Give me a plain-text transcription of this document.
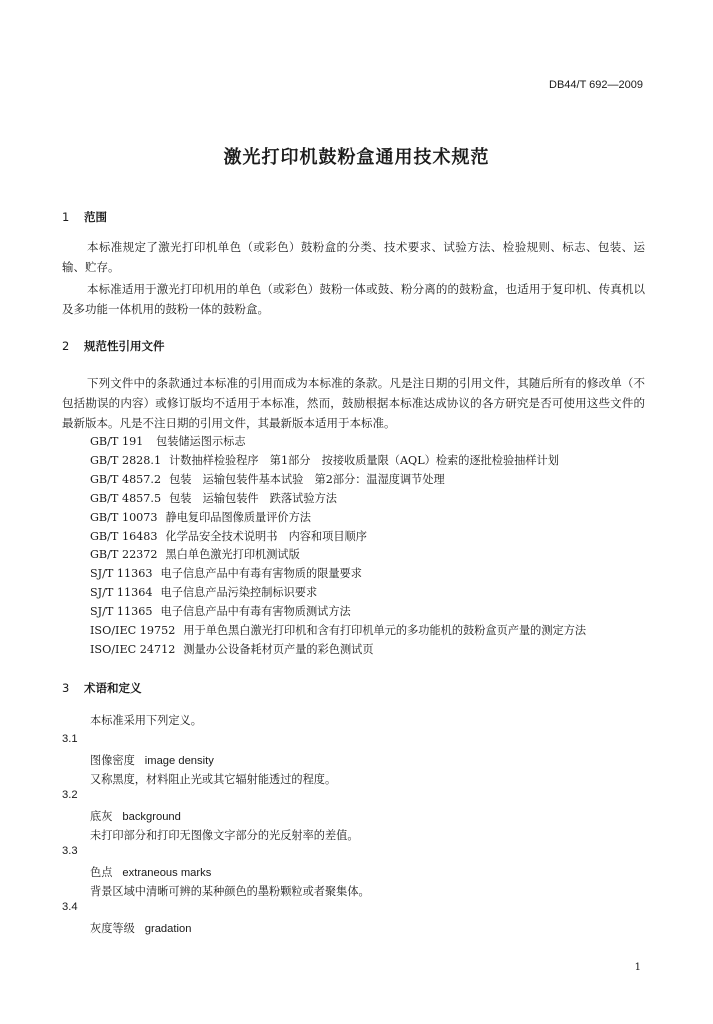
DB44/T 692—2009
激光打印机鼓粉盒通用技术规范
1 范围
本标准规定了激光打印机单色（或彩色）鼓粉盒的分类、技术要求、试验方法、检验规则、标志、包装、运输、贮存。
本标准适用于激光打印机用的单色（或彩色）鼓粉一体或鼓、粉分离的的鼓粉盒，也适用于复印机、传真机以及多功能一体机用的鼓粉一体的鼓粉盒。
2 规范性引用文件
下列文件中的条款通过本标准的引用而成为本标准的条款。凡是注日期的引用文件，其随后所有的修改单（不包括勘误的内容）或修订版均不适用于本标准，然而，鼓励根据本标准达成协议的各方研究是否可使用这些文件的最新版本。凡是不注日期的引用文件，其最新版本适用于本标准。
GB/T 191 包装储运图示标志
GB/T 2828.1 计数抽样检验程序　第1部分　按接收质量限（AQL）检索的逐批检验抽样计划
GB/T 4857.2 包装　运输包装件基本试验　第2部分：温湿度调节处理
GB/T 4857.5 包装　运输包装件　跌落试验方法
GB/T 10073 静电复印品图像质量评价方法
GB/T 16483 化学品安全技术说明书　内容和项目顺序
GB/T 22372 黑白单色激光打印机测试版
SJ/T 11363 电子信息产品中有毒有害物质的限量要求
SJ/T 11364 电子信息产品污染控制标识要求
SJ/T 11365 电子信息产品中有毒有害物质测试方法
ISO/IEC 19752 用于单色黑白激光打印机和含有打印机单元的多功能机的鼓粉盒页产量的测定方法
ISO/IEC 24712 测量办公设备耗材页产量的彩色测试页
3 术语和定义
本标准采用下列定义。
3.1
图像密度 image density
又称黑度，材料阻止光或其它辐射能透过的程度。
3.2
底灰 background
未打印部分和打印无图像文字部分的光反射率的差值。
3.3
色点 extraneous marks
背景区域中清晰可辨的某种颜色的墨粉颗粒或者聚集体。
3.4
灰度等级 gradation
1
